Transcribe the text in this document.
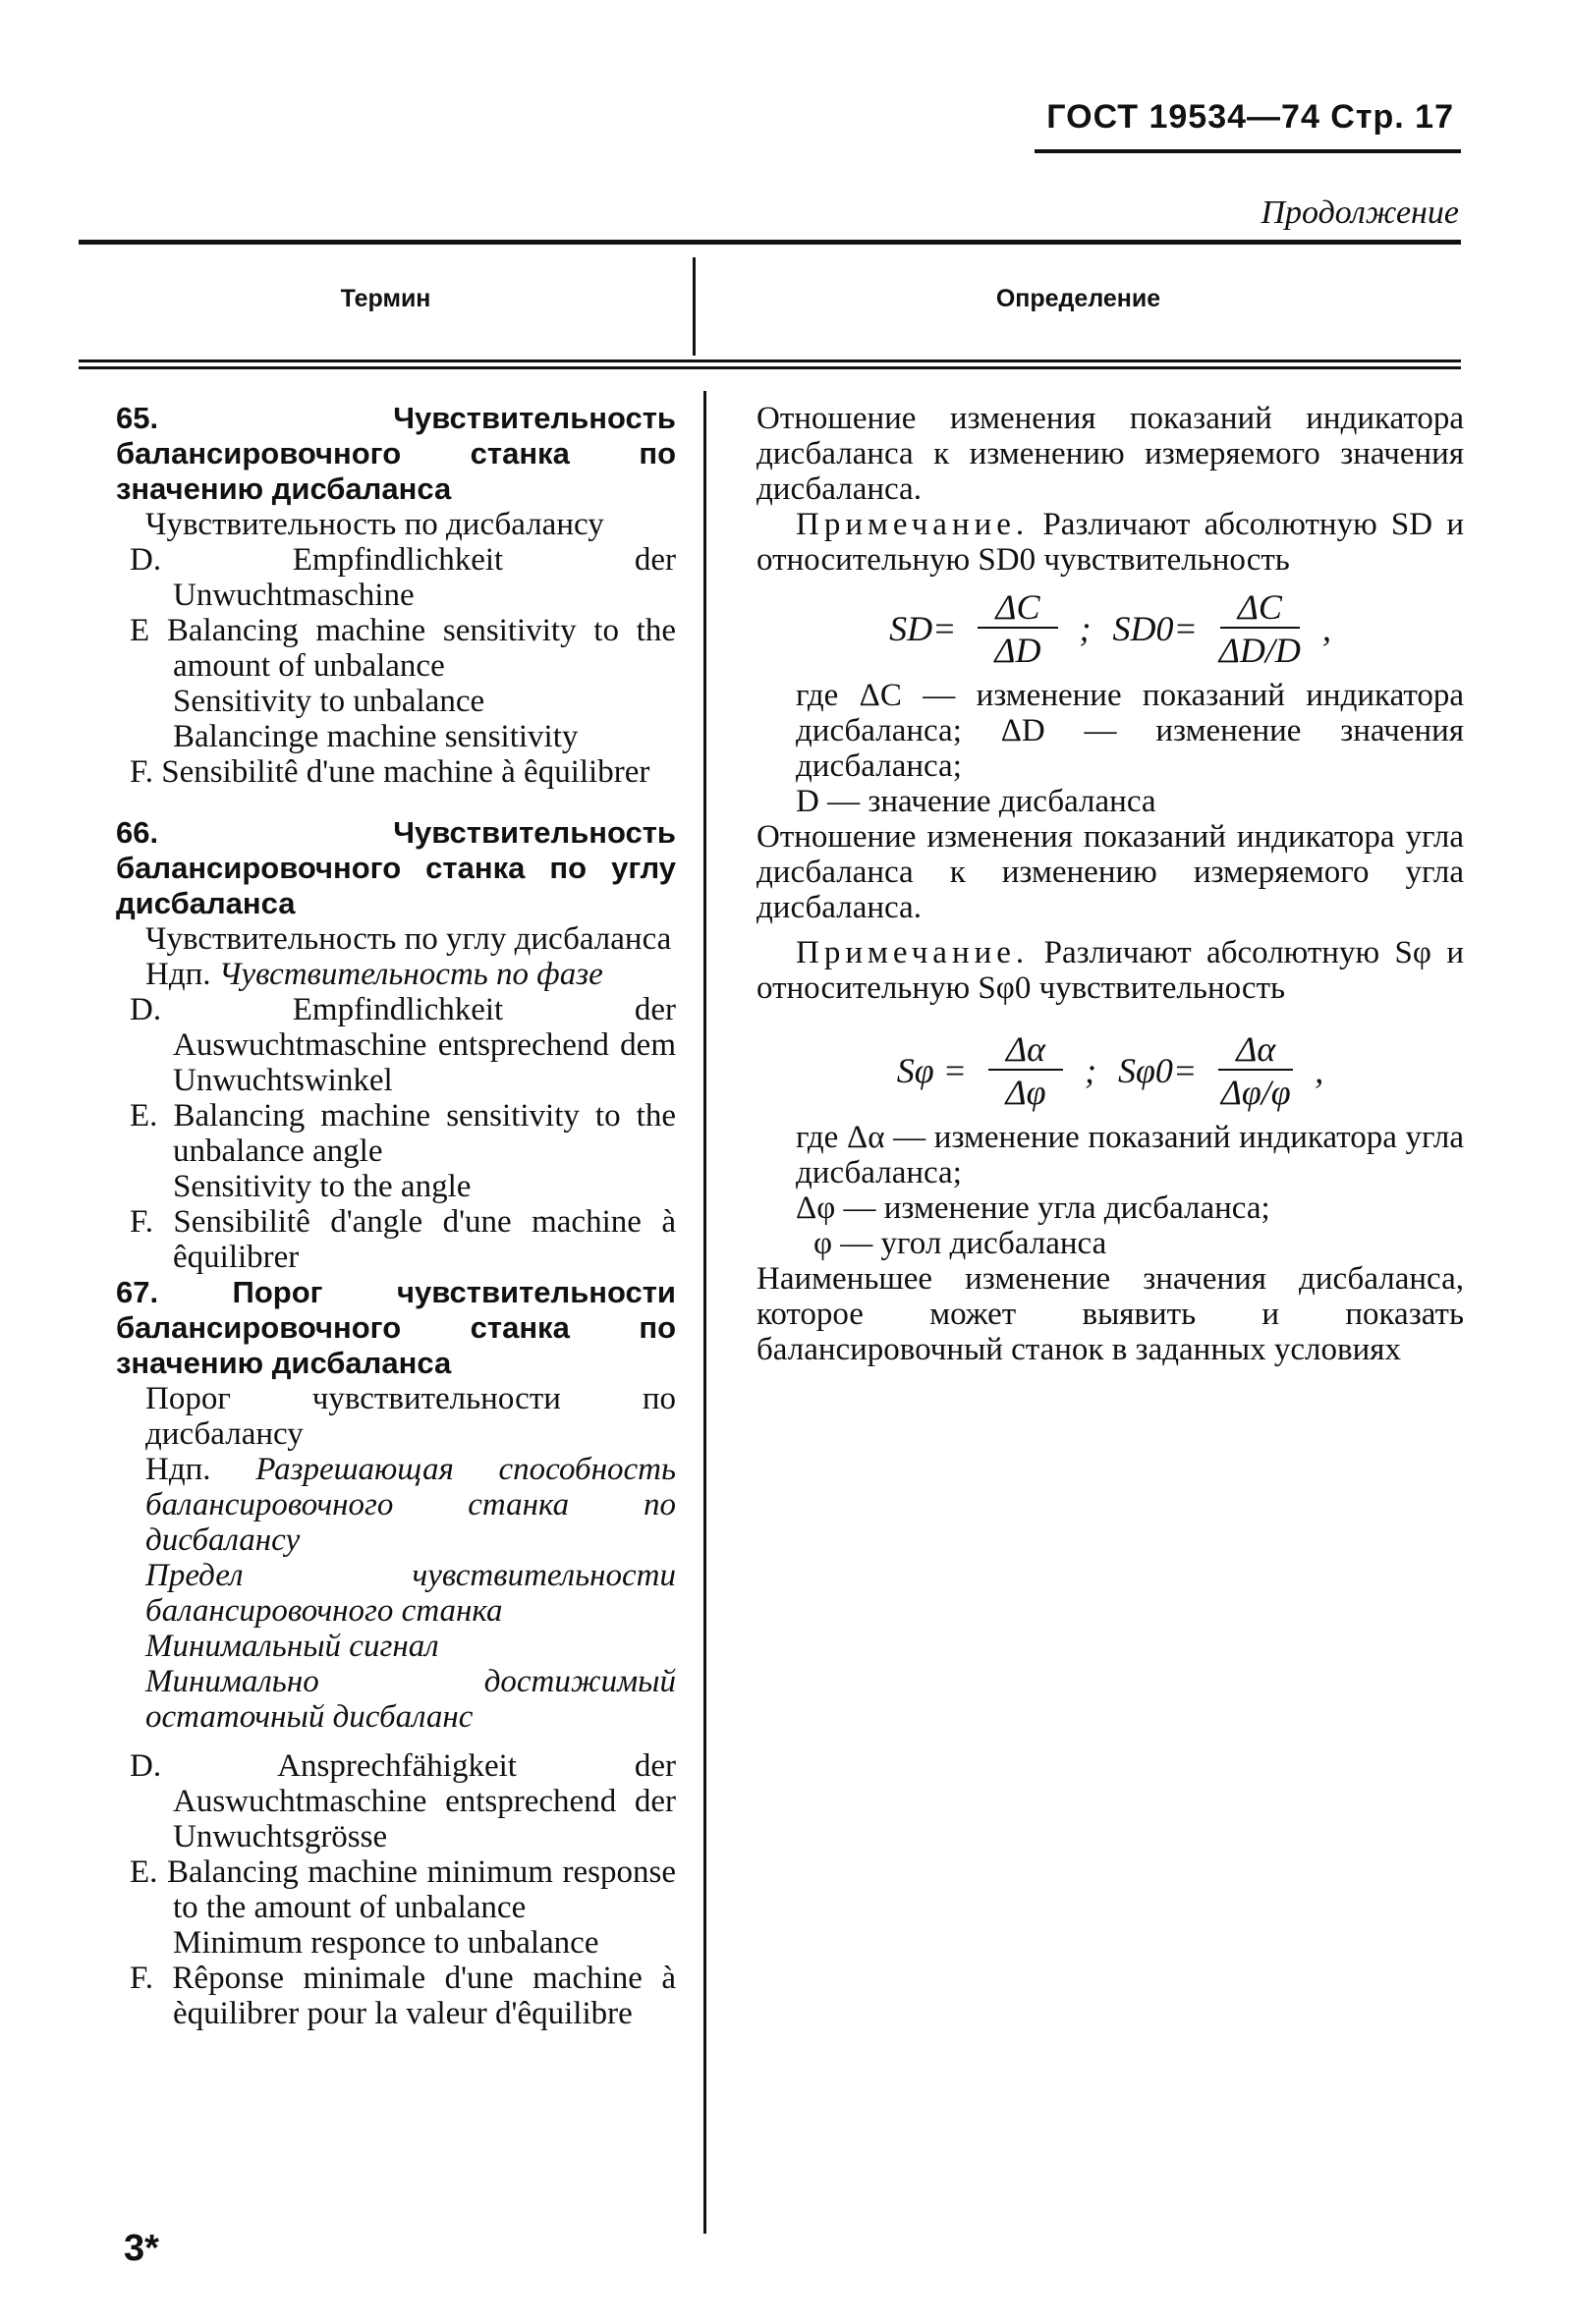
ГОСТ 19534—74 Стр. 17
Продолжение
Термин	Определение
65. Чувствительность балансировочного станка по значению дисбаланса
Чувствительность по дисбалансу
D. Empfindlichkeit der Unwuchtmaschine
E Balancing machine sensitivity to the amount of unbalance
Sensitivity to unbalance
Balancinge machine sensitivity
F. Sensibilitê d'une machine à êquilibrer
66. Чувствительность балансировочного станка по углу дисбаланса
Чувствительность по углу дисбаланса
Ндп. Чувствительность по фазе
D. Empfindlichkeit der Auswuchtmaschine entsprechend dem Unwuchtswinkel
E. Balancing machine sensitivity to the unbalance angle
Sensitivity to the angle
F. Sensibilitê d'angle d'une machine à êquilibrer
67. Порог чувствительности балансировочного станка по значению дисбаланса
Порог чувствительности по дисбалансу
Ндп. Разрешающая способность балансировочного станка по дисбалансу
Предел чувствительности балансировочного станка
Минимальный сигнал
Минимально достижимый остаточный дисбаланс
D. Ansprechfähigkeit der Auswuchtmaschine entsprechend der Unwuchtsgrösse
E. Balancing machine minimum response to the amount of unbalance
Minimum responce to unbalance
F. Rêponse minimale d'une machine à èquilibrer pour la valeur d'êquilibre
Отношение изменения показаний индикатора дисбаланса к изменению измеряемого значения дисбаланса.
Примечание. Различают абсолютную SD и относительную SD0 чувствительность
$SD= \frac{\Delta C}{\Delta D}$ ; $SD0= \frac{\Delta C}{\Delta D/D}$ ,
где ΔC — изменение показаний индикатора дисбаланса; ΔD — изменение значения дисбаланса;
D — значение дисбаланса
Отношение изменения показаний индикатора угла дисбаланса к изменению измеряемого угла дисбаланса.
Примечание. Различают абсолютную Sφ и относительную Sφ0 чувствительность
$S\varphi = \frac{\Delta\alpha}{\Delta\varphi}$ ; $S\varphi 0= \frac{\Delta\alpha}{\Delta\varphi/\varphi}$ ,
где Δα — изменение показаний индикатора угла дисбаланса;
Δφ — изменение угла дисбаланса;
φ — угол дисбаланса
Наименьшее изменение значения дисбаланса, которое может выявить и показать балансировочный станок в заданных условиях
3*
